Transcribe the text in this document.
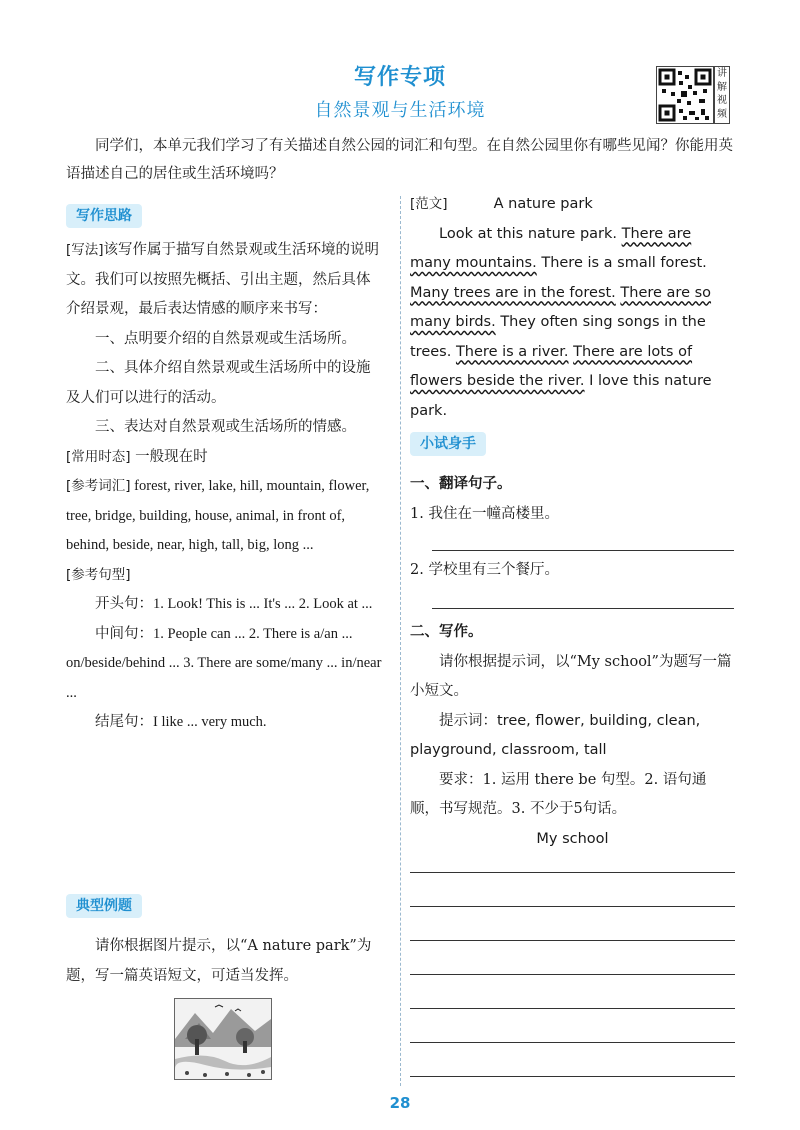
写作专项
自然景观与生活环境
讲解视频
同学们，本单元我们学习了有关描述自然公园的词汇和句型。在自然公园里你有哪些见闻？你能用英语描述自己的居住或生活环境吗？
写作思路

[写法]该写作属于描写自然景观或生活环境的说明文。我们可以按照先概括、引出主题，然后具体介绍景观，最后表达情感的顺序来书写：

一、点明要介绍的自然景观或生活场所。

二、具体介绍自然景观或生活场所中的设施及人们可以进行的活动。

三、表达对自然景观或生活场所的情感。

[常用时态] 一般现在时

[参考词汇] forest, river, lake, hill, mountain, flower, tree, bridge, building, house, animal, in front of, behind, beside, near, high, tall, big, long ...

[参考句型]

开头句：1. Look! This is ... It's ... 2. Look at ...

中间句：1. People can ... 2. There is a/an ... on/beside/behind ... 3. There are some/many ... in/near ...

结尾句：I like ... very much.

典型例题

请你根据图片提示，以“A nature park”为题，写一篇英语短文，可适当发挥。

[范文]	A nature park

Look at this nature park. There are many mountains. There is a small forest. Many trees are in the forest. There are so many birds. They often sing songs in the trees. There is a river. There are lots of flowers beside the river. I love this nature park.

小试身手

一、翻译句子。

1. 我住在一幢高楼里。

2. 学校里有三个餐厅。

二、写作。

请你根据提示词，以“My school”为题写一篇小短文。

提示词：tree, flower, building, clean, playground, classroom, tall

要求：1. 运用 there be 句型。2. 语句通顺，书写规范。3. 不少于5句话。

My school

28
